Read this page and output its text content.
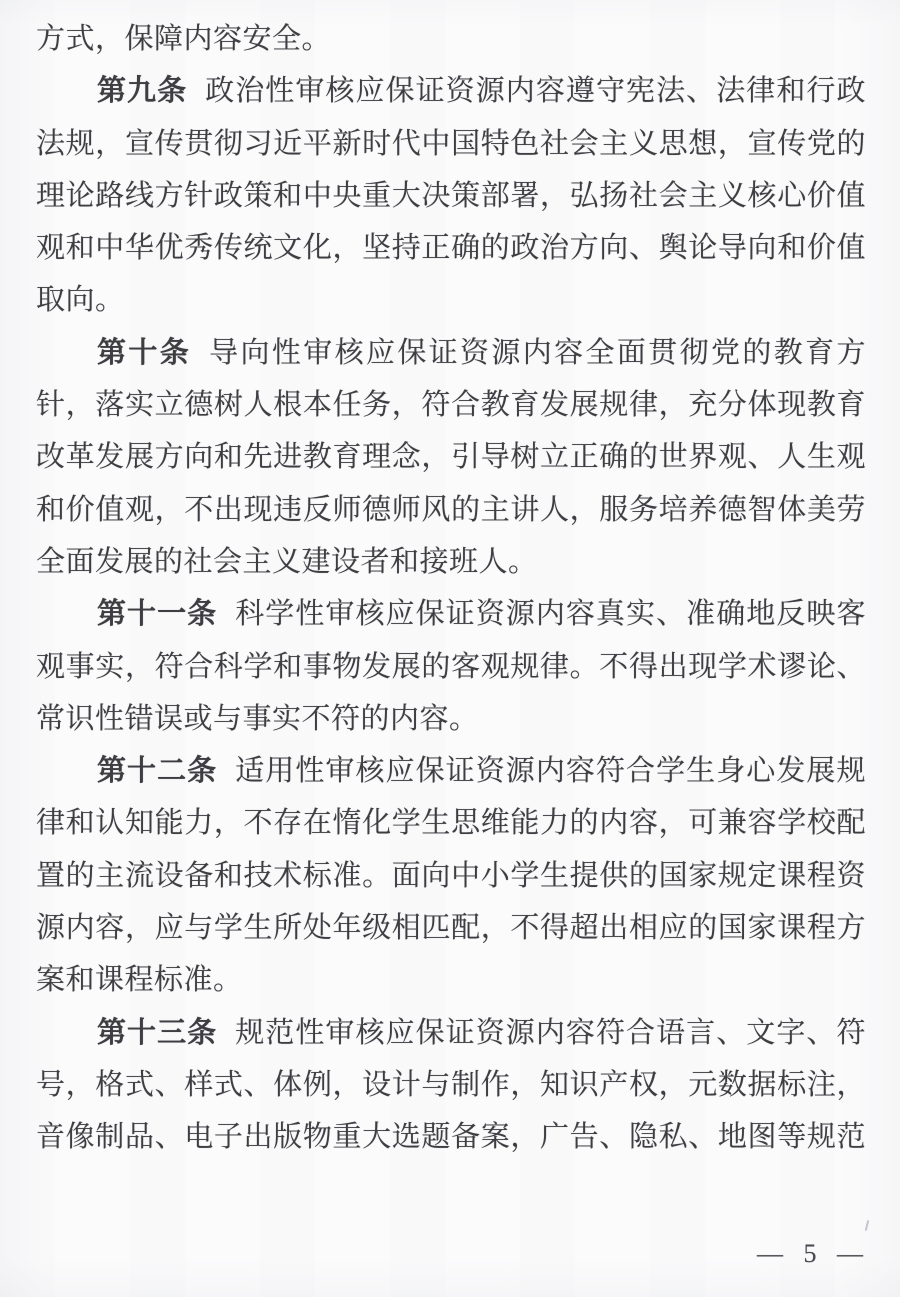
方式，保障内容安全。
第九条 政治性审核应保证资源内容遵守宪法、法律和行政
法规，宣传贯彻习近平新时代中国特色社会主义思想，宣传党的
理论路线方针政策和中央重大决策部署，弘扬社会主义核心价值
观和中华优秀传统文化，坚持正确的政治方向、舆论导向和价值
取向。
第十条 导向性审核应保证资源内容全面贯彻党的教育方
针，落实立德树人根本任务，符合教育发展规律，充分体现教育
改革发展方向和先进教育理念，引导树立正确的世界观、人生观
和价值观，不出现违反师德师风的主讲人，服务培养德智体美劳
全面发展的社会主义建设者和接班人。
第十一条 科学性审核应保证资源内容真实、准确地反映客
观事实，符合科学和事物发展的客观规律。不得出现学术谬论、
常识性错误或与事实不符的内容。
第十二条 适用性审核应保证资源内容符合学生身心发展规
律和认知能力，不存在惰化学生思维能力的内容，可兼容学校配
置的主流设备和技术标准。面向中小学生提供的国家规定课程资
源内容，应与学生所处年级相匹配，不得超出相应的国家课程方
案和课程标准。
第十三条 规范性审核应保证资源内容符合语言、文字、符
号，格式、样式、体例，设计与制作，知识产权，元数据标注，
音像制品、电子出版物重大选题备案，广告、隐私、地图等规范
— 5 —
